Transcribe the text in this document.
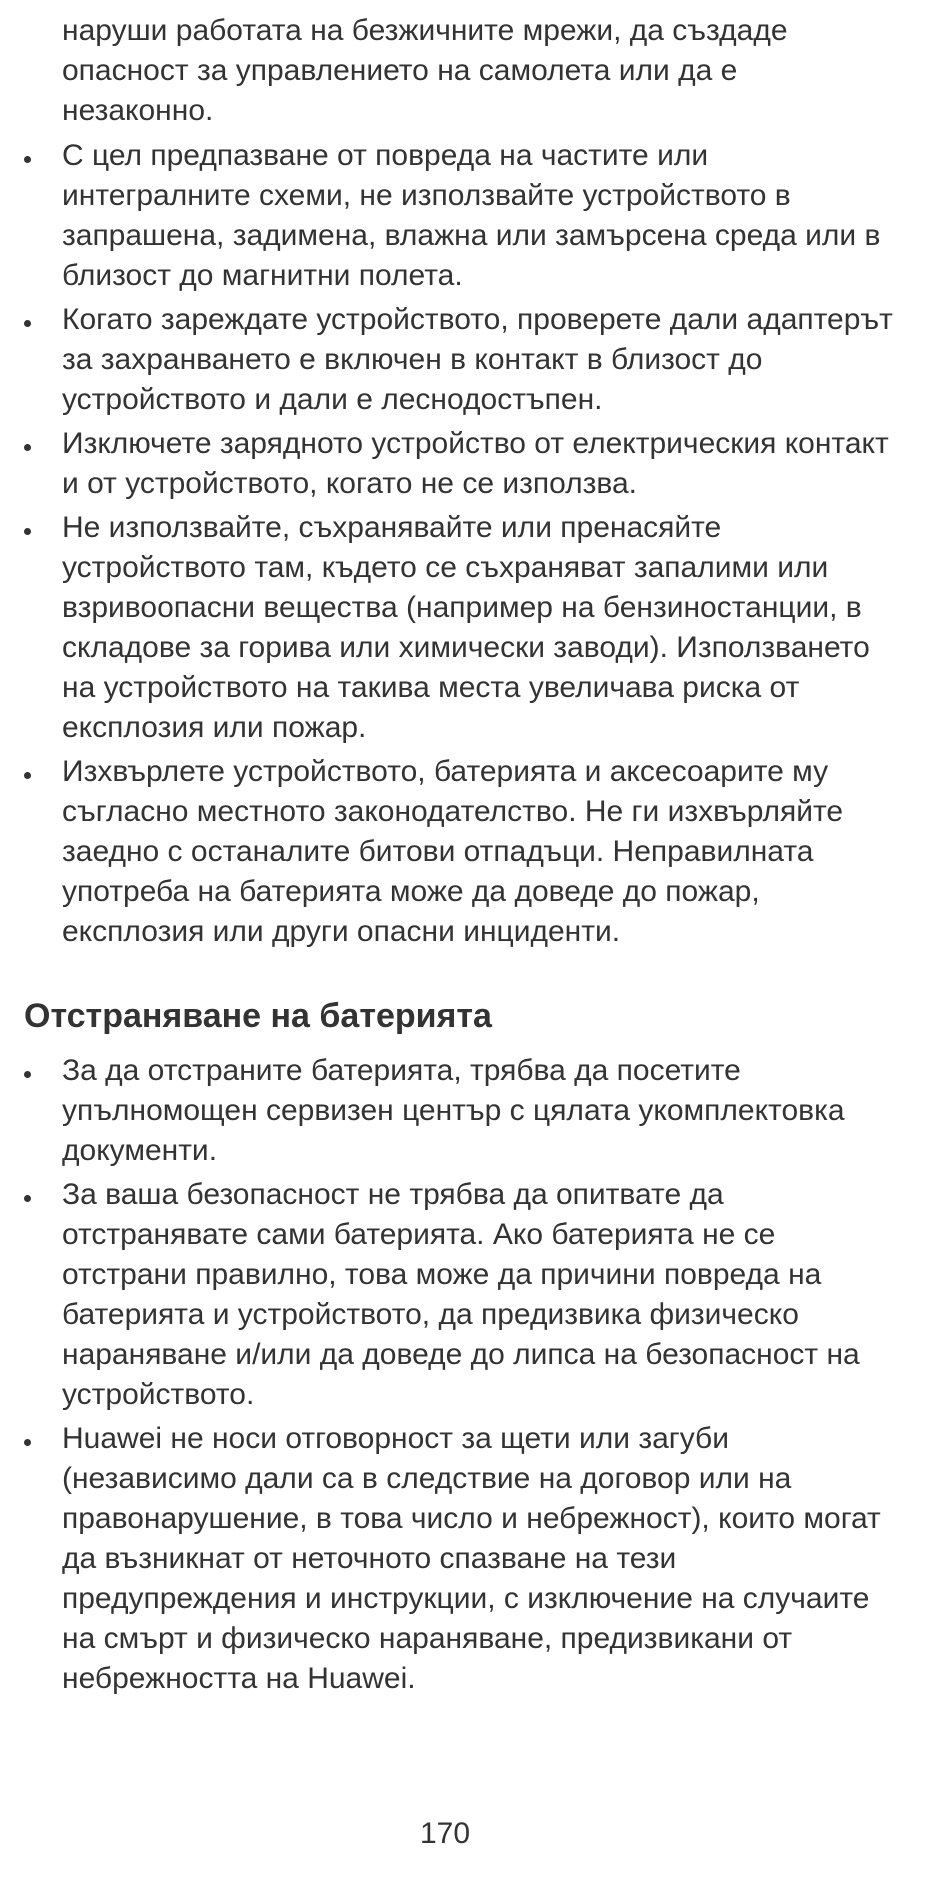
наруши работата на безжичните мрежи, да създаде опасност за управлението на самолета или да е незаконно.

С цел предпазване от повреда на частите или интегралните схеми, не използвайте устройството в запрашена, задимена, влажна или замърсена среда или в близост до магнитни полета.
Когато зареждате устройството, проверете дали адаптерът за захранването е включен в контакт в близост до устройството и дали е леснодостъпен.
Изключете зарядното устройство от електрическия контакт и от устройството, когато не се използва.
Не използвайте, съхранявайте или пренасяйте устройството там, където се съхраняват запалими или взривоопасни вещества (например на бензиностанции, в складове за горива или химически заводи). Използването на устройството на такива места увеличава риска от експлозия или пожар.
Изхвърлете устройството, батерията и аксесоарите му съгласно местното законодателство. Не ги изхвърляйте заедно с останалите битови отпадъци. Неправилната употреба на батерията може да доведе до пожар, експлозия или други опасни инциденти.
Отстраняване на батерията
За да отстраните батерията, трябва да посетите упълномощен сервизен център с цялата укомплектовка документи.
За ваша безопасност не трябва да опитвате да отстранявате сами батерията. Ако батерията не се отстрани правилно, това може да причини повреда на батерията и устройството, да предизвика физическо нараняване и/или да доведе до липса на безопасност на устройството.
Huawei не носи отговорност за щети или загуби (независимо дали са в следствие на договор или на правонарушение, в това число и небрежност), които могат да възникнат от неточното спазване на тези предупреждения и инструкции, с изключение на случаите на смърт и физическо нараняване, предизвикани от небрежността на Huawei.
170
